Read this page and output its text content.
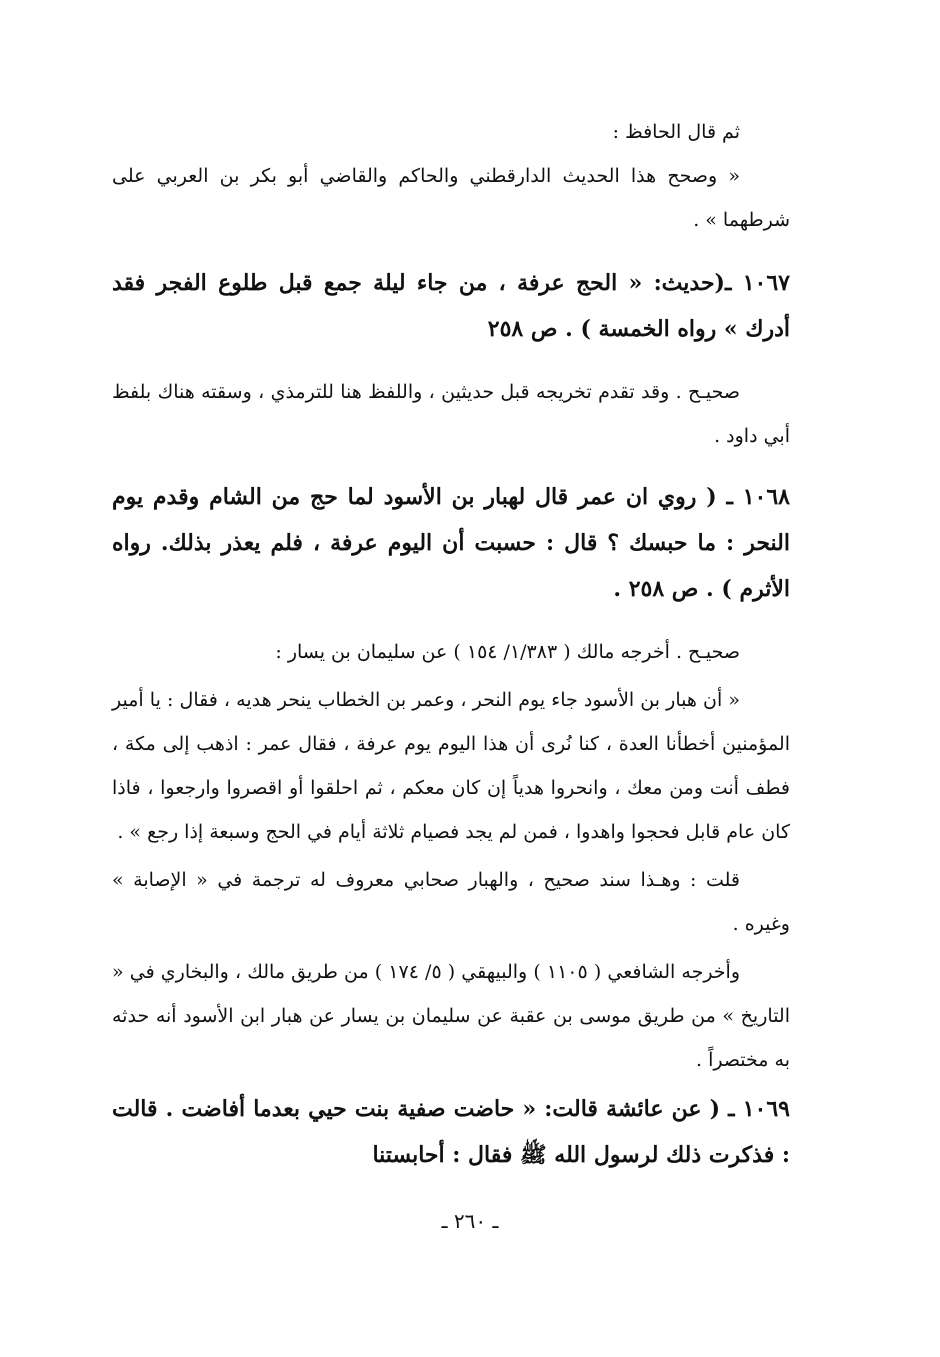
ثم قال الحافظ :

« وصحح هذا الحديث الدارقطني والحاكم والقاضي أبو بكر بن العربي على شرطهما » .

١٠٦٧ ـ(حديث: « الحج عرفة ، من جاء ليلة جمع قبل طلوع الفجر فقد أدرك » رواه الخمسة ) . ص ٢٥٨

صحيـح . وقد تقدم تخريجه قبل حديثين ، واللفظ هنا للترمذي ، وسقته هناك بلفظ أبي داود .

١٠٦٨ ـ ( روي ان عمر قال لهبار بن الأسود لما حج من الشام وقدم يوم النحر : ما حبسك ؟ قال : حسبت أن اليوم عرفة ، فلم يعذر بذلك. رواه الأثرم ) . ص ٢٥٨ .

صحيـح . أخرجه مالك ( ١/٣٨٣/ ١٥٤ ) عن سليمان بن يسار :

« أن هبار بن الأسود جاء يوم النحر ، وعمر بن الخطاب ينحر هديه ، فقال : يا أمير المؤمنين أخطأنا العدة ، كنا نُرى أن هذا اليوم يوم عرفة ، فقال عمر : اذهب إلى مكة ، فطف أنت ومن معك ، وانحروا هدياً إن كان معكم ، ثم احلقوا أو اقصروا وارجعوا ، فاذا كان عام قابل فحجوا واهدوا ، فمن لم يجد فصيام ثلاثة أيام في الحج وسبعة إذا رجع » .

قلت : وهـذا سند صحيح ، والهبار صحابي معروف له ترجمة في « الإصابة » وغيره .

وأخرجه الشافعي ( ١١٠٥ ) والبيهقي ( ٥/ ١٧٤ ) من طريق مالك ، والبخاري في « التاريخ » من طريق موسى بن عقبة عن سليمان بن يسار عن هبار ابن الأسود أنه حدثه به مختصراً .

١٠٦٩ ـ ( عن عائشة قالت: « حاضت صفية بنت حيي بعدما أفاضت . قالت : فذكرت ذلك لرسول الله ﷺ فقال : أحابستنا

ـ ٢٦٠ ـ
